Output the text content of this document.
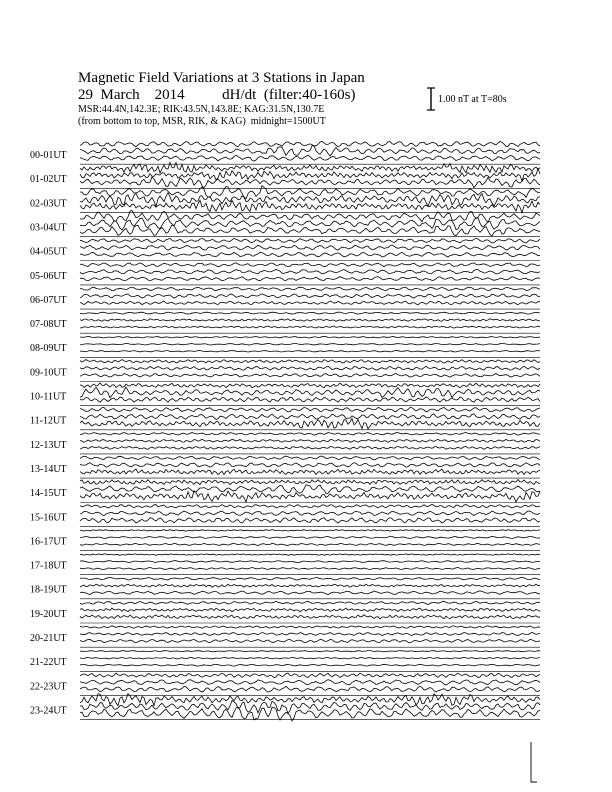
Magnetic Field Variations at 3 Stations in Japan
29  March    2014	dH/dt  (filter:40-160s)
MSR:44.4N,142.3E; RIK:43.5N,143.8E; KAG:31.5N,130.7E
(from bottom to top, MSR, RIK, & KAG) midnight=1500UT
1.00 nT at T=80s
00-01UT
01-02UT
02-03UT
03-04UT
04-05UT
05-06UT
06-07UT
07-08UT
08-09UT
09-10UT
10-11UT
11-12UT
12-13UT
13-14UT
14-15UT
15-16UT
16-17UT
17-18UT
18-19UT
19-20UT
20-21UT
21-22UT
22-23UT
23-24UT
